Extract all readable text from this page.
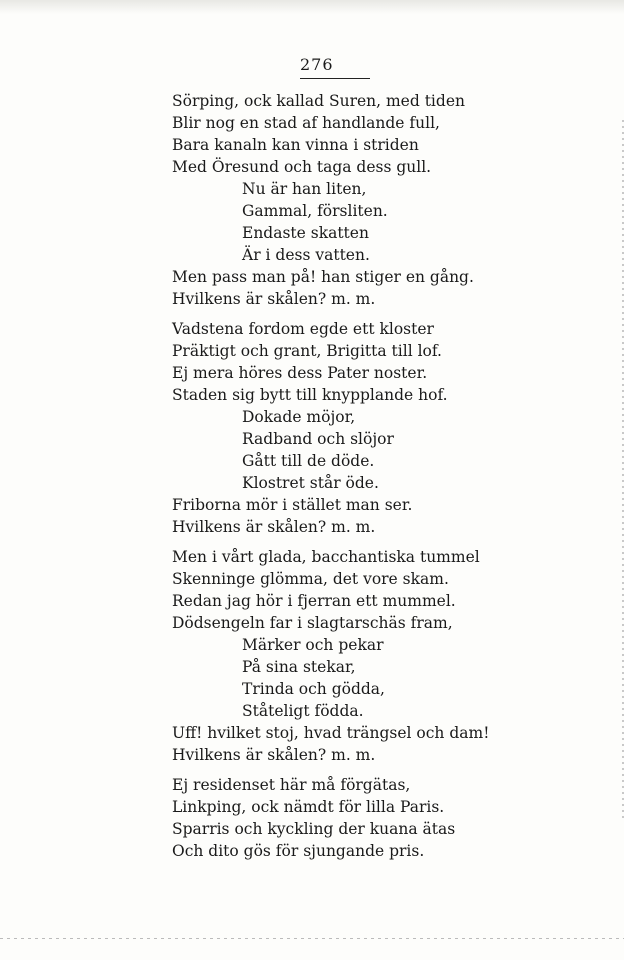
276
Sörping, ock kallad Suren, med tiden
Blir nog en stad af handlande full,
Bara kanaln kan vinna i striden
Med Öresund och taga dess gull.
Nu är han liten,
Gammal, försliten.
Endaste skatten
Är i dess vatten.
Men pass man på! han stiger en gång.
Hvilkens är skålen? m. m.
Vadstena fordom egde ett kloster
Präktigt och grant, Brigitta till lof.
Ej mera höres dess Pater noster.
Staden sig bytt till knypplande hof.
Dokade möjor,
Radband och slöjor
Gått till de döde.
Klostret står öde.
Friborna mör i stället man ser.
Hvilkens är skålen? m. m.
Men i vårt glada, bacchantiska tummel
Skenninge glömma, det vore skam.
Redan jag hör i fjerran ett mummel.
Dödsengeln far i slagtarschäs fram,
Märker och pekar
På sina stekar,
Trinda och gödda,
Ståteligt födda.
Uff! hvilket stoj, hvad trängsel och dam!
Hvilkens är skålen? m. m.
Ej residenset här må förgätas,
Linkping, ock nämdt för lilla Paris.
Sparris och kyckling der kuana ätas
Och dito gös för sjungande pris.
